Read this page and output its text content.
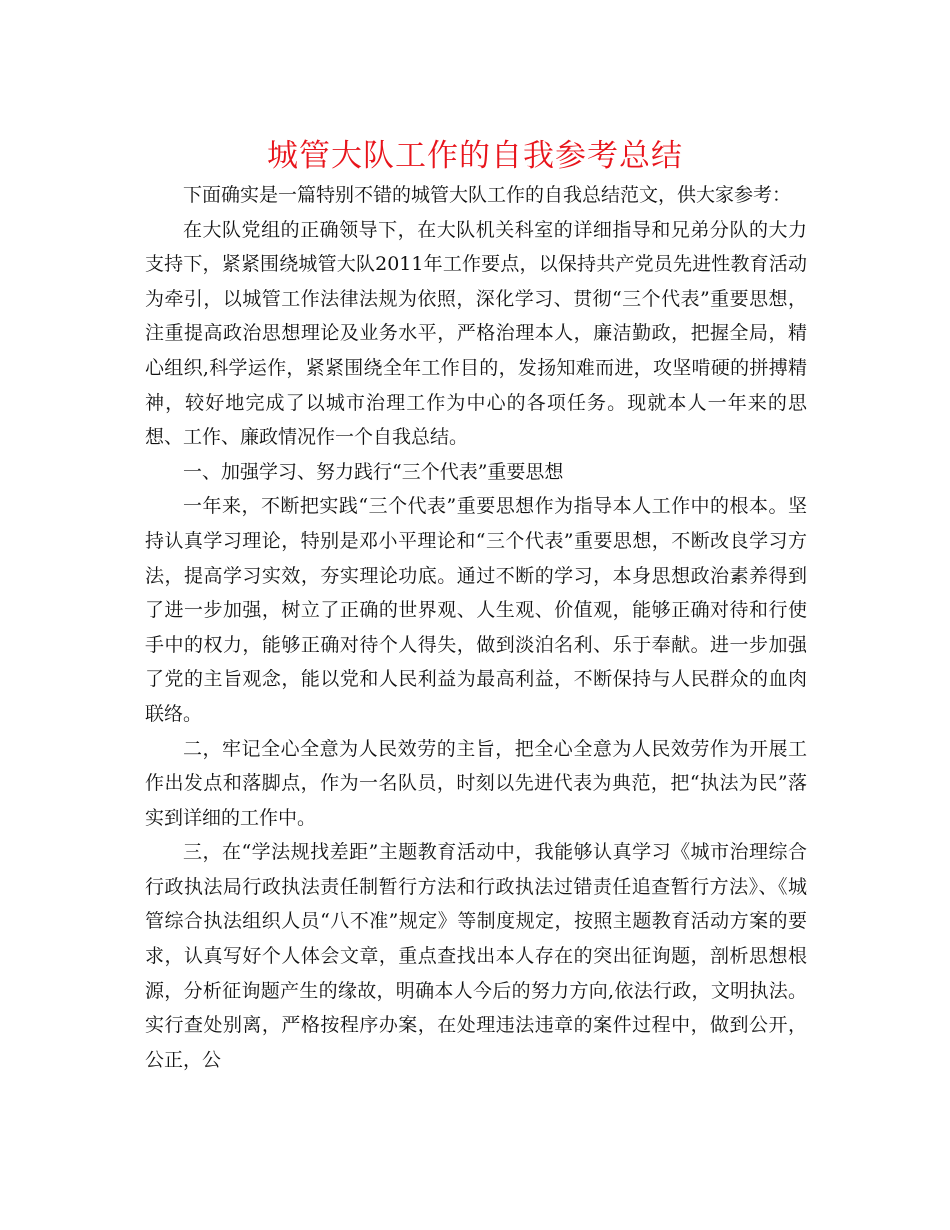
城管大队工作的自我参考总结

下面确实是一篇特别不错的城管大队工作的自我总结范文，供大家参考：

在大队党组的正确领导下，在大队机关科室的详细指导和兄弟分队的大力支持下，紧紧围绕城管大队2011年工作要点，以保持共产党员先进性教育活动为牵引，以城管工作法律法规为依照，深化学习、贯彻“三个代表”重要思想，注重提高政治思想理论及业务水平，严格治理本人，廉洁勤政，把握全局，精心组织,科学运作，紧紧围绕全年工作目的，发扬知难而进，攻坚啃硬的拼搏精神，较好地完成了以城市治理工作为中心的各项任务。现就本人一年来的思想、工作、廉政情况作一个自我总结。

一、加强学习、努力践行“三个代表”重要思想

一年来，不断把实践“三个代表”重要思想作为指导本人工作中的根本。坚持认真学习理论，特别是邓小平理论和“三个代表”重要思想，不断改良学习方法，提高学习实效，夯实理论功底。通过不断的学习，本身思想政治素养得到了进一步加强，树立了正确的世界观、人生观、价值观，能够正确对待和行使手中的权力，能够正确对待个人得失，做到淡泊名利、乐于奉献。进一步加强了党的主旨观念，能以党和人民利益为最高利益，不断保持与人民群众的血肉联络。

二，牢记全心全意为人民效劳的主旨，把全心全意为人民效劳作为开展工作出发点和落脚点，作为一名队员，时刻以先进代表为典范，把“执法为民”落实到详细的工作中。

三，在“学法规找差距”主题教育活动中，我能够认真学习《城市治理综合行政执法局行政执法责任制暂行方法和行政执法过错责任追查暂行方法》、《城管综合执法组织人员“八不准”规定》等制度规定，按照主题教育活动方案的要求，认真写好个人体会文章，重点查找出本人存在的突出征询题，剖析思想根源，分析征询题产生的缘故，明确本人今后的努力方向,依法行政，文明执法。实行查处别离，严格按程序办案，在处理违法违章的案件过程中，做到公开，公正，公
